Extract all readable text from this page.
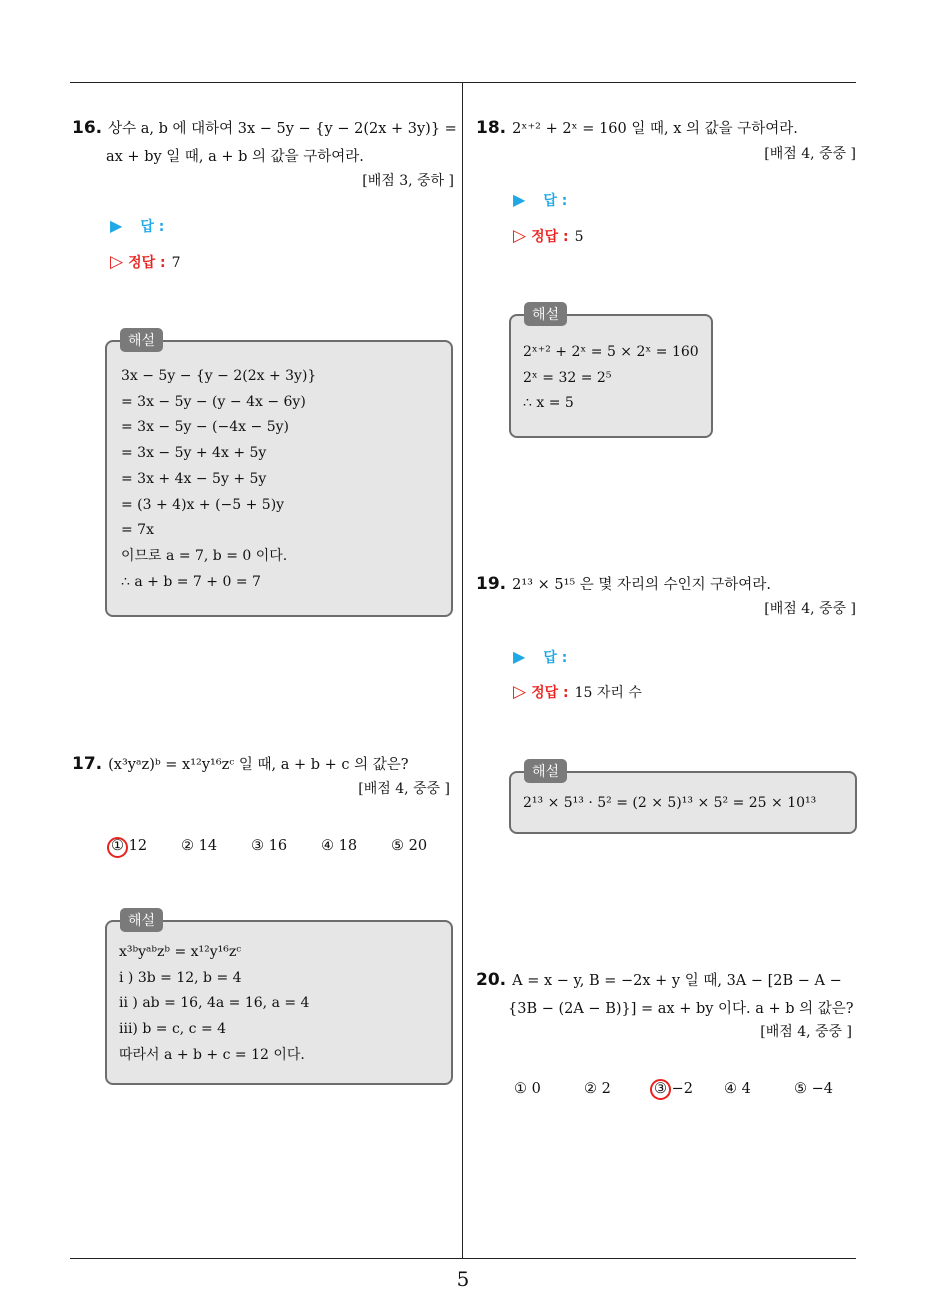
5
16. 상수 a, b 에 대하여 3x − 5y − {y − 2(2x + 3y)} =
ax + by 일 때, a + b 의 값을 구하여라.
[배점 3, 중하 ]
▶ 답 :
▷ 정답 : 7
3x − 5y − {y − 2(2x + 3y)}
= 3x − 5y − (y − 4x − 6y)
= 3x − 5y − (−4x − 5y)
= 3x − 5y + 4x + 5y
= 3x + 4x − 5y + 5y
= (3 + 4)x + (−5 + 5)y
= 7x
이므로 a = 7, b = 0 이다.
∴ a + b = 7 + 0 = 7
해설
17. (x³yᵃz)ᵇ = x¹²y¹⁶zᶜ 일 때, a + b + c 의 값은?
[배점 4, 중중 ]
① 12 ② 14 ③ 16 ④ 18 ⑤ 20
x³ᵇyᵃᵇzᵇ = x¹²y¹⁶zᶜ
i ) 3b = 12, b = 4
ii ) ab = 16, 4a = 16, a = 4
iii) b = c, c = 4
따라서 a + b + c = 12 이다.
해설
18. 2ˣ⁺² + 2ˣ = 160 일 때, x 의 값을 구하여라.
[배점 4, 중중 ]
▶ 답 :
▷ 정답 : 5
2ˣ⁺² + 2ˣ = 5 × 2ˣ = 160
2ˣ = 32 = 2⁵
∴ x = 5
해설
19. 2¹³ × 5¹⁵ 은 몇 자리의 수인지 구하여라.
[배점 4, 중중 ]
▶ 답 :
▷ 정답 : 15 자리 수
2¹³ × 5¹³ · 5² = (2 × 5)¹³ × 5² = 25 × 10¹³
해설
20. A = x − y, B = −2x + y 일 때, 3A − [2B − A −
{3B − (2A − B)}] = ax + by 이다. a + b 의 값은?
[배점 4, 중중 ]
① 0	② 2	③ −2 ④ 4	⑤ −4
